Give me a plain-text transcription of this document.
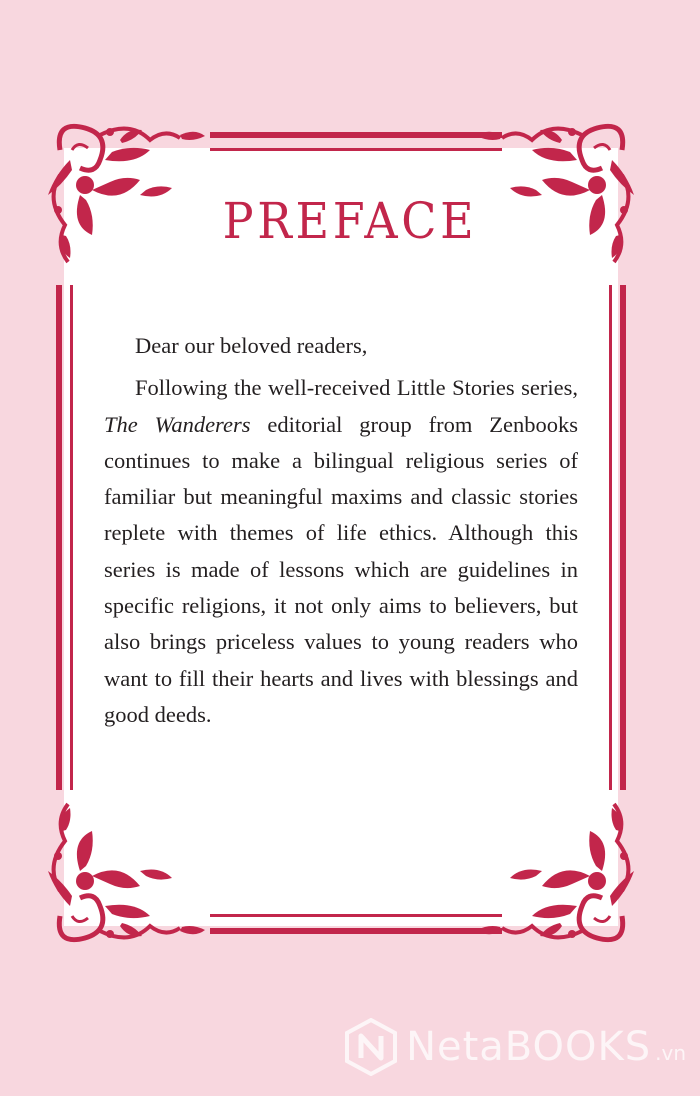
PREFACE

Dear our beloved readers,

Following the well-received Little Stories series, The Wanderers editorial group from Zenbooks continues to make a bilingual religious series of familiar but meaningful maxims and classic stories replete with themes of life ethics. Although this series is made of lessons which are guidelines in specific religions, it not only aims to believers, but also brings priceless values to young readers who want to fill their hearts and lives with blessings and good deeds.

NetaBOOKS .vn
